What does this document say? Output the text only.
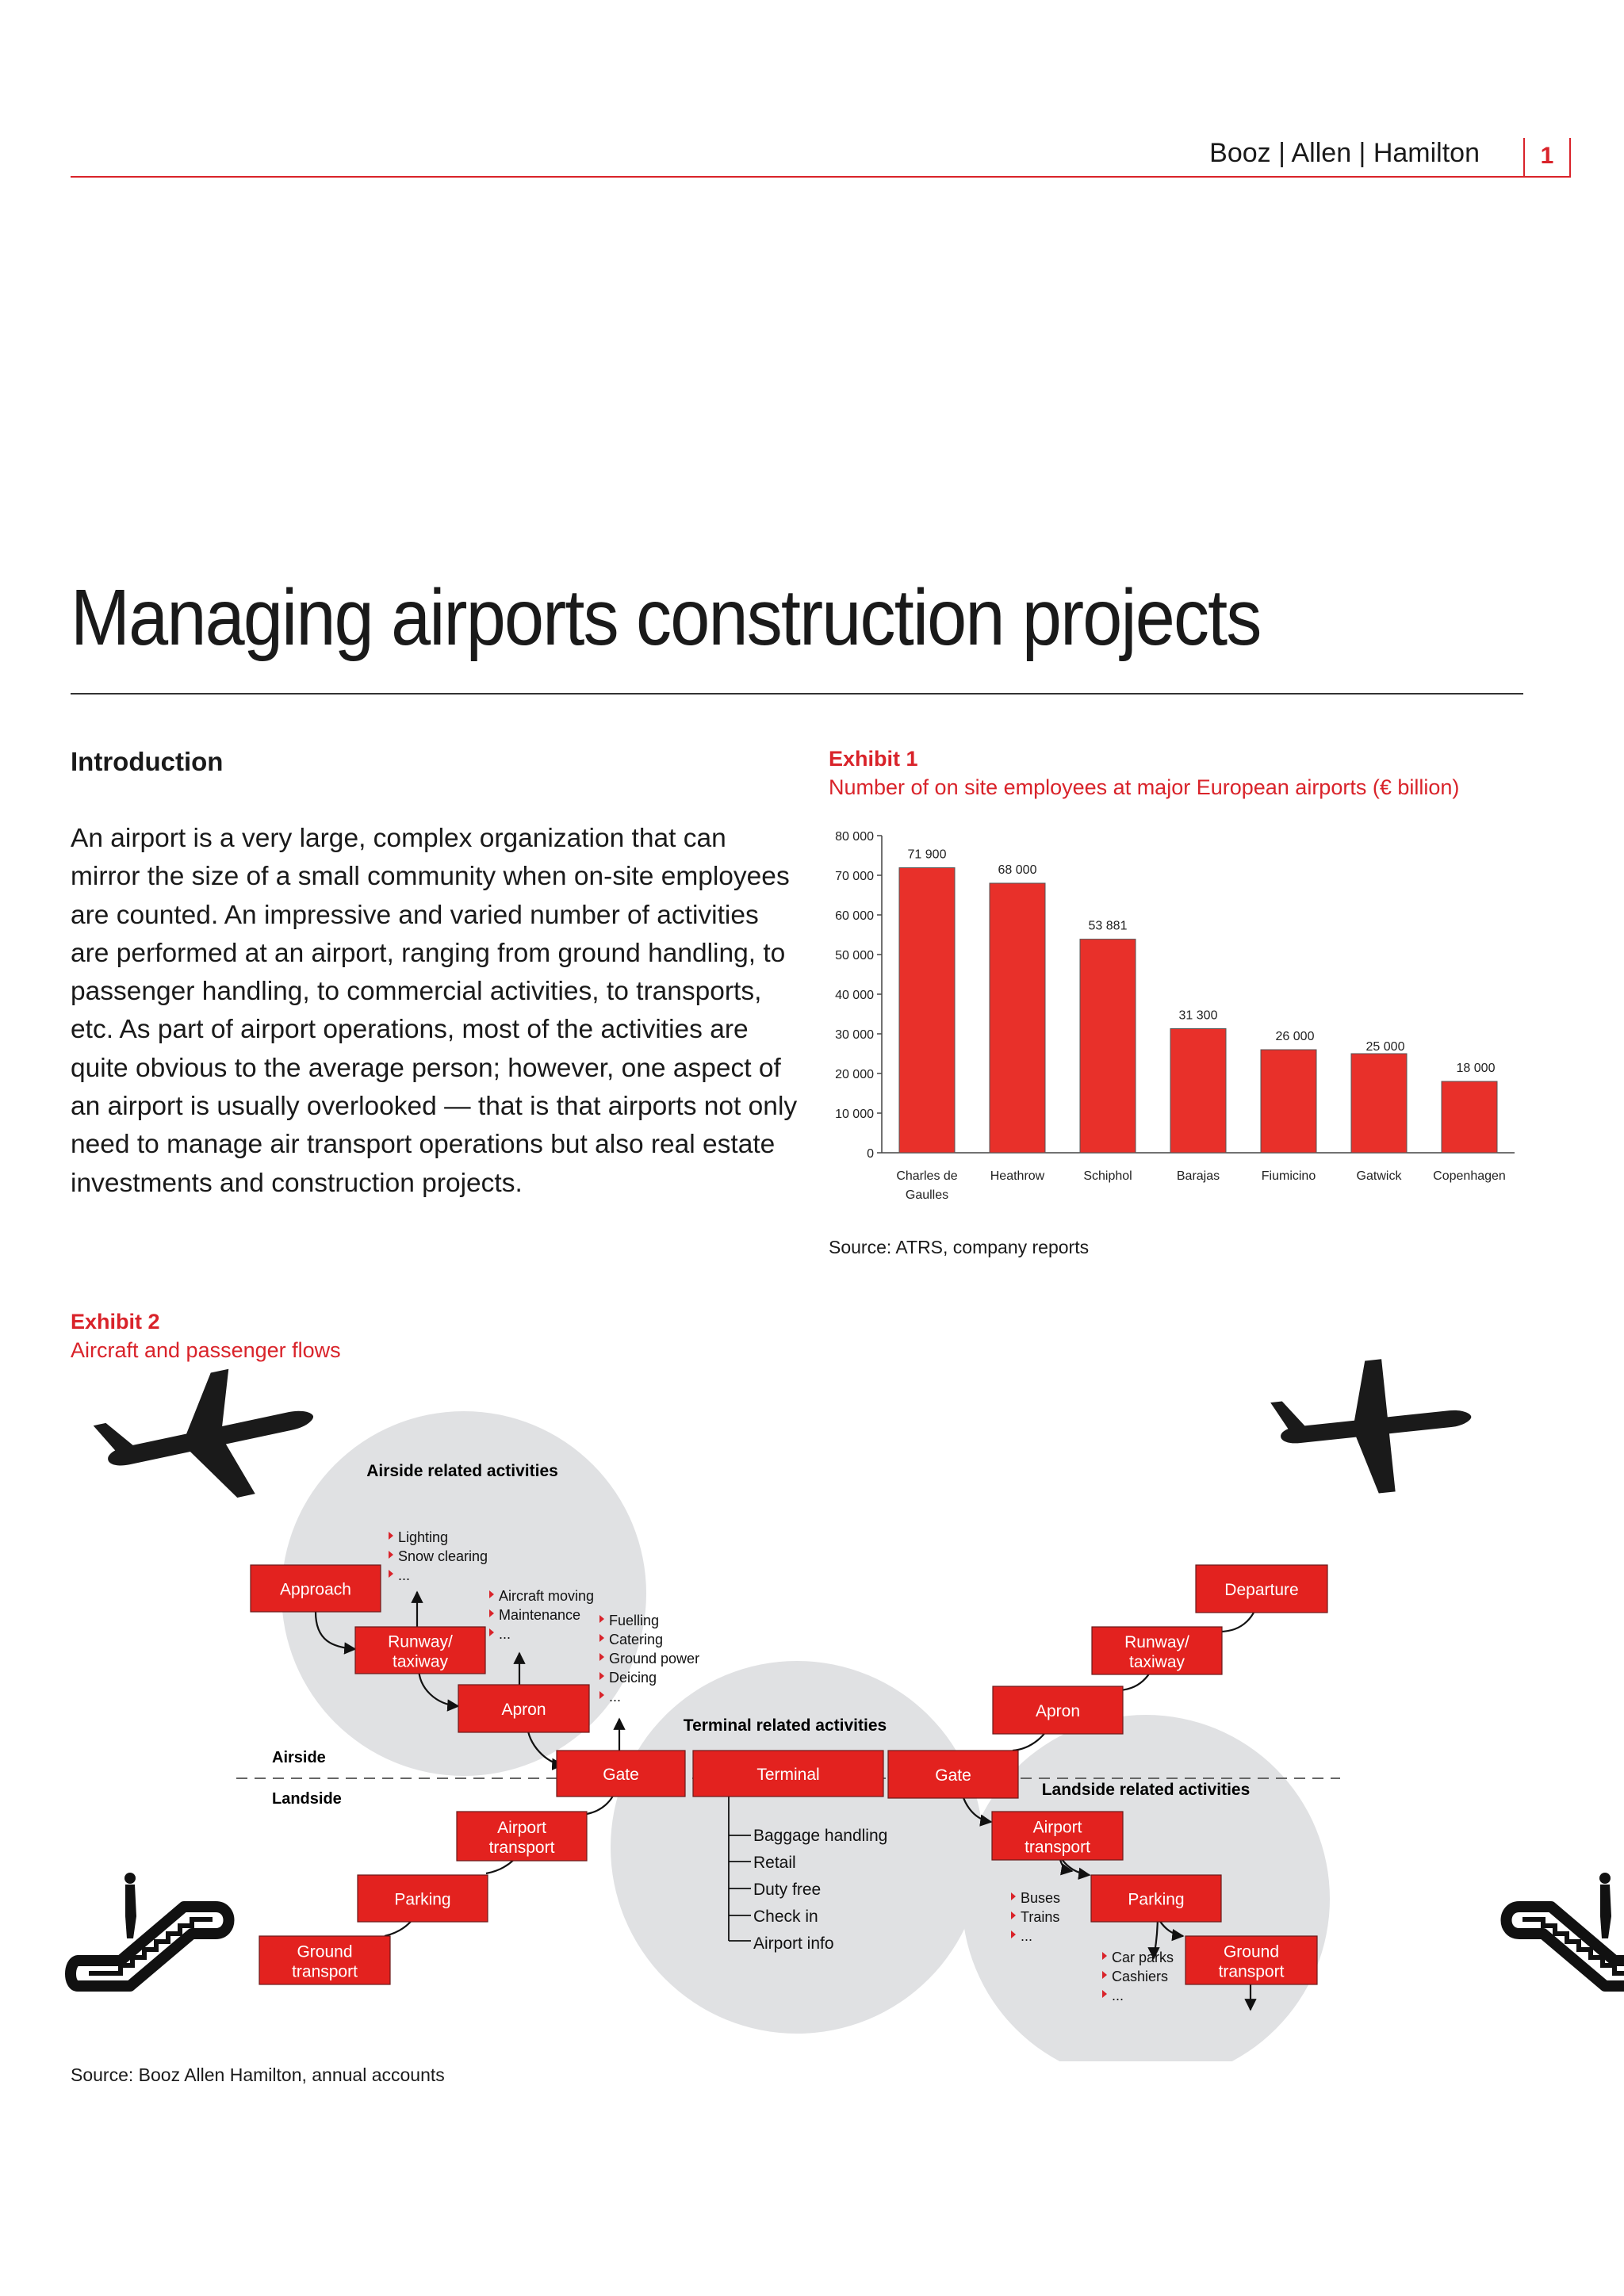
Booz | Allen | Hamilton	1
Managing airports construction projects
Introduction
An airport is a very large, complex organization that can mirror the size of a small community when on-site employees are counted. An impressive and varied number of activities are performed at an airport, ranging from ground handling, to passenger handling, to commercial activities, to transports, etc. As part of airport operations, most of the activities are quite obvious to the average person; however, one aspect of an airport is usually overlooked — that is that airports not only need to manage air transport operations but also real estate investments and construction projects.
Exhibit 1
Number of on site employees at major European airports (€ billion)
0
10 000
20 000
30 000
40 000
50 000
60 000
70 000
80 000
71 900
Charles de
Gaulles
68 000
Heathrow
53 881
Schiphol
31 300
Barajas
26 000
Fiumicino
25 000
Gatwick
18 000
Copenhagen
Source: ATRS, company reports
Exhibit 2
Aircraft and passenger flows
Airside related activities
Terminal related activities
Landside related activities
Airside
Landside
Approach
Runway/
taxiway
Apron
Gate	Terminal	Gate
Apron
Runway/
taxiway
Departure
Airport
transport
Parking
Ground
transport
Airport
transport
Parking
Ground
transport
Lighting
Snow clearing
...
Aircraft moving
Maintenance
...
Fuelling
Catering
Ground power
Deicing
...
Baggage handling
Retail
Duty free
Check in
Airport info
Buses
Trains
...
Car parks
Cashiers
...
Source: Booz Allen Hamilton, annual accounts
